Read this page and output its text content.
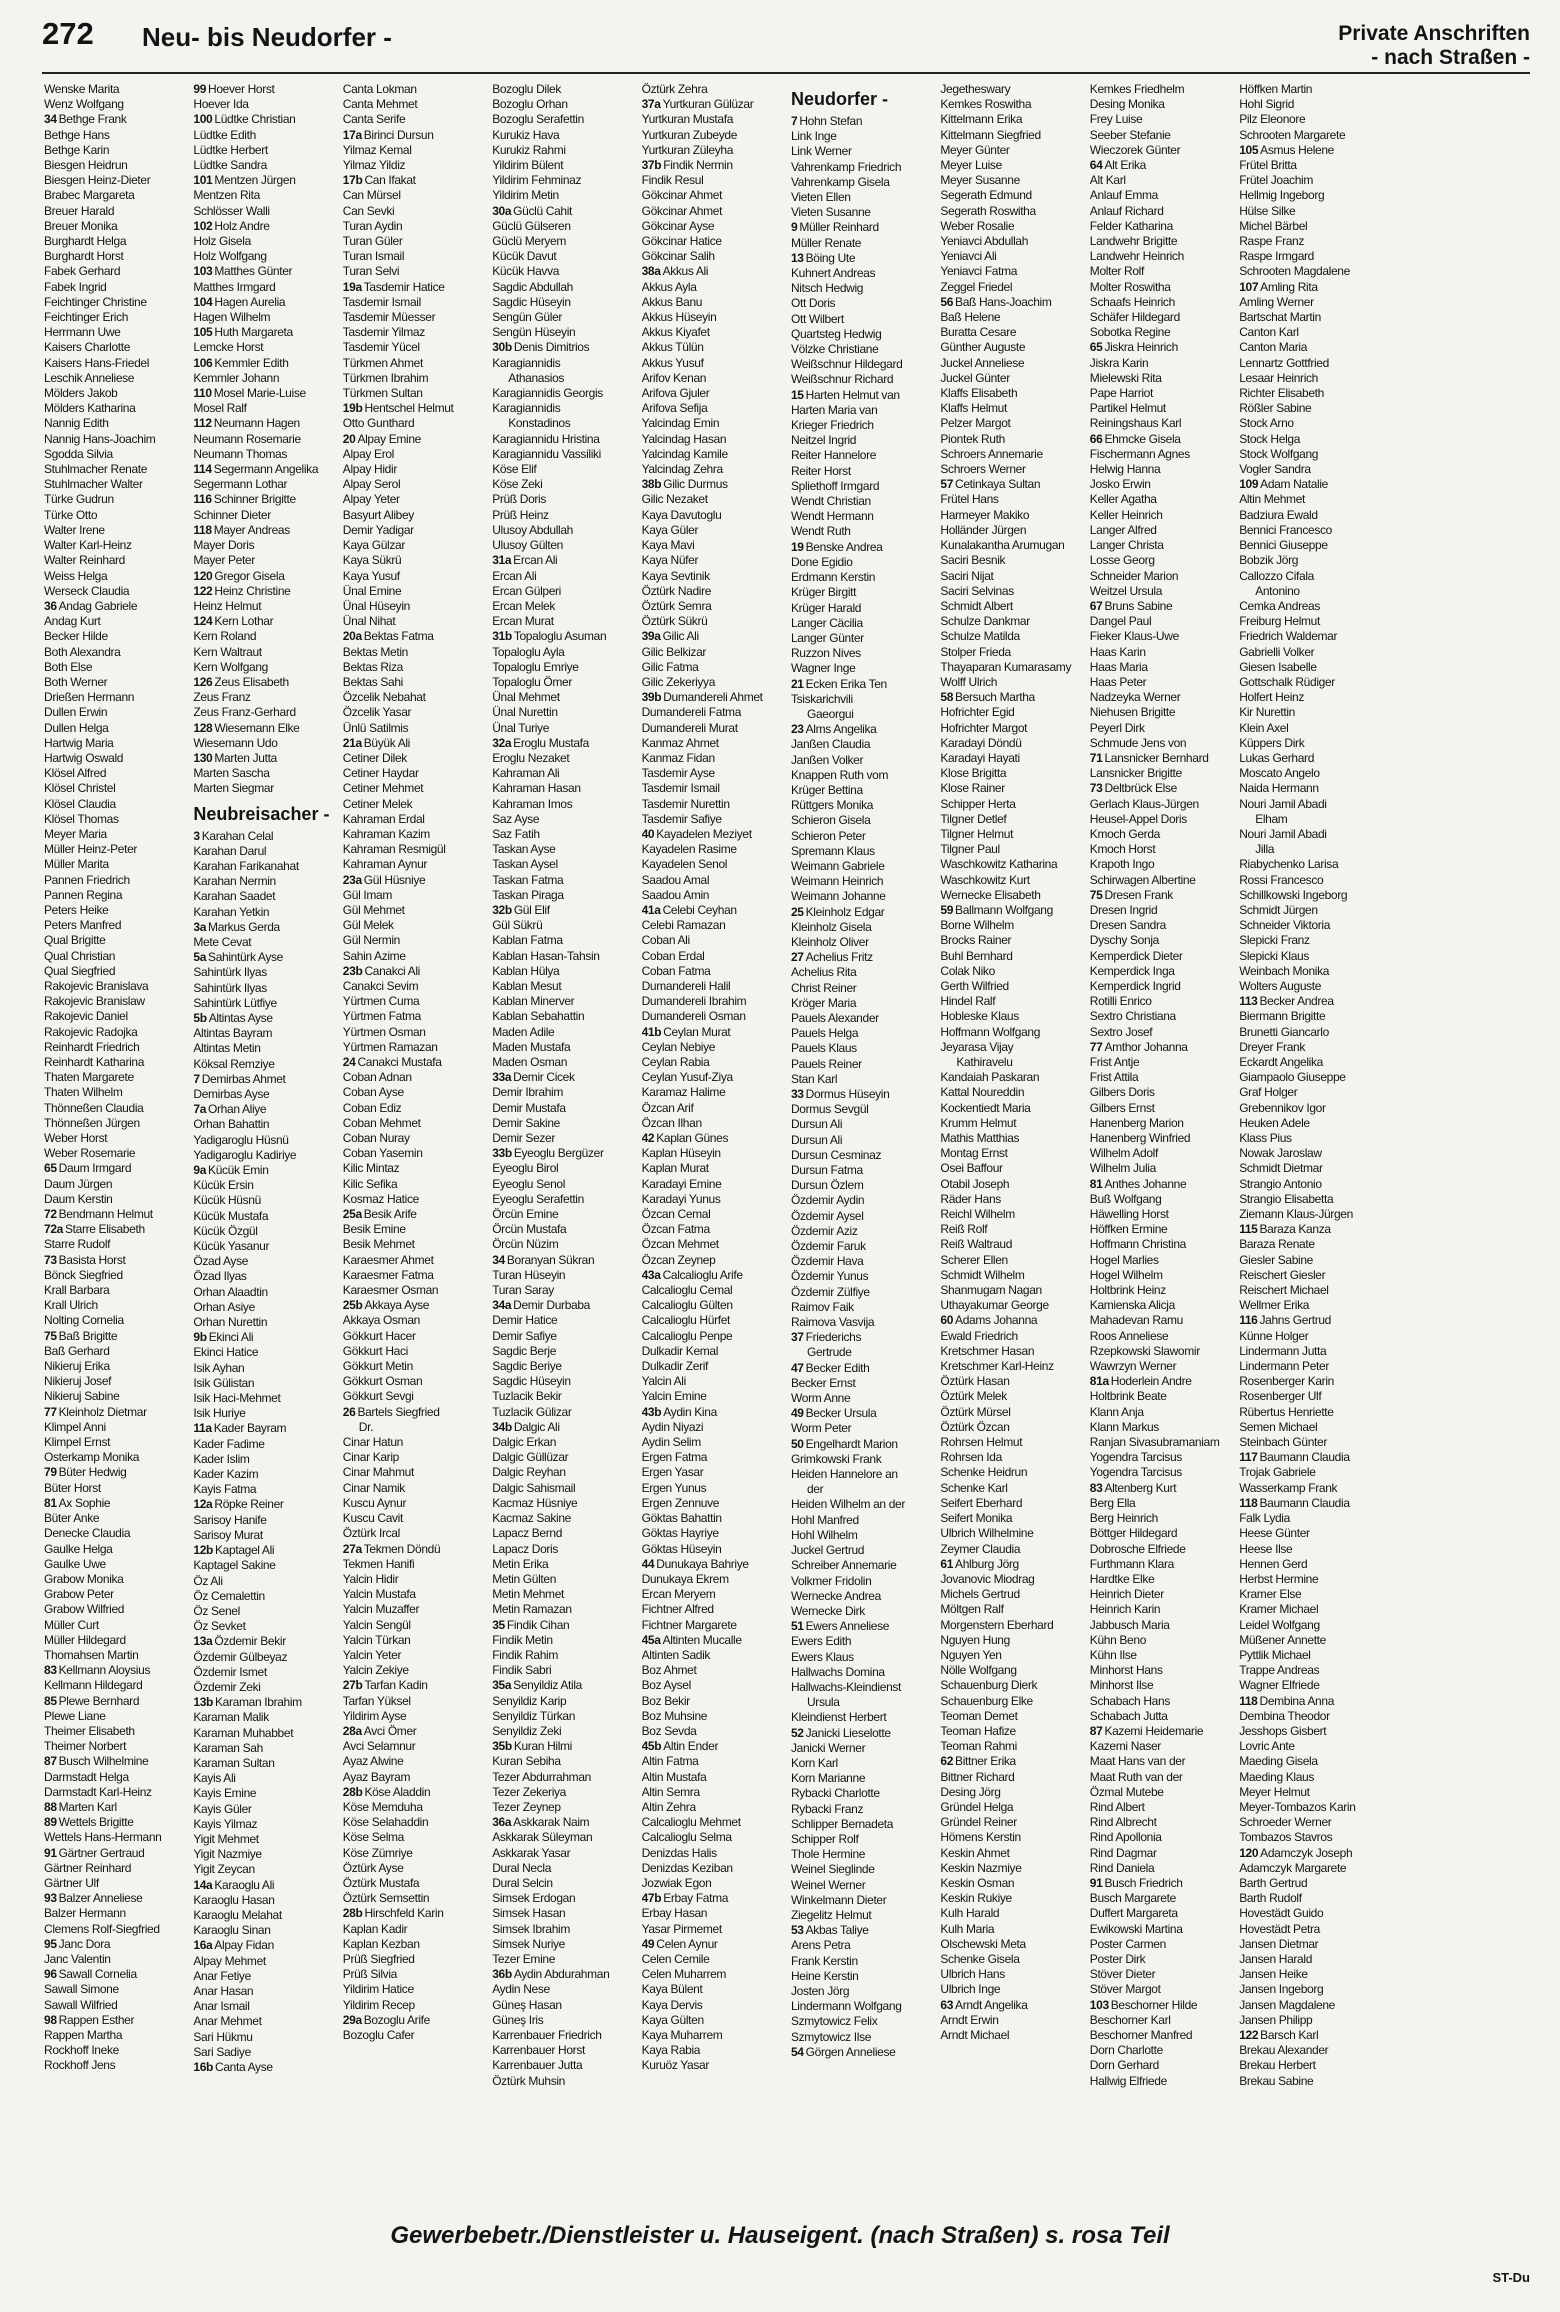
272 Neu- bis Neudorfer -	Private Anschriften
- nach Straßen -
Wenske Marita
Wenz Wolfgang
34 Bethge Frank
Bethge Hans
Bethge Karin
Biesgen Heidrun
Biesgen Heinz-Dieter
Brabec Margareta
Breuer Harald
Breuer Monika
Burghardt Helga
Burghardt Horst
Fabek Gerhard
Fabek Ingrid
Feichtinger Christine
Feichtinger Erich
Herrmann Uwe
Kaisers Charlotte
Kaisers Hans-Friedel
Leschik Anneliese
Mölders Jakob
Mölders Katharina
Nannig Edith
Nannig Hans-Joachim
Sgodda Silvia
Stuhlmacher Renate
Stuhlmacher Walter
Türke Gudrun
Türke Otto
Walter Irene
Walter Karl-Heinz
Walter Reinhard
Weiss Helga
Werseck Claudia
36 Andag Gabriele
Andag Kurt
Becker Hilde
Both Alexandra
Both Else
Both Werner
Drießen Hermann
Dullen Erwin
Dullen Helga
Hartwig Maria
Hartwig Oswald
Klösel Alfred
Klösel Christel
Klösel Claudia
Klösel Thomas
Meyer Maria
Müller Heinz-Peter
Müller Marita
Pannen Friedrich
Pannen Regina
Peters Heike
Peters Manfred
Qual Brigitte
Qual Christian
Qual Siegfried
Rakojevic Branislava
Rakojevic Branislaw
Rakojevic Daniel
Rakojevic Radojka
Reinhardt Friedrich
Reinhardt Katharina
Thaten Margarete
Thaten Wilhelm
Thönneßen Claudia
Thönneßen Jürgen
Weber Horst
Weber Rosemarie
65 Daum Irmgard
Daum Jürgen
Daum Kerstin
72 Bendmann Helmut
72a Starre Elisabeth
Starre Rudolf
73 Basista Horst
Bönck Siegfried
Krall Barbara
Krall Ulrich
Nolting Cornelia
75 Baß Brigitte
Baß Gerhard
Nikieruj Erika
Nikieruj Josef
Nikieruj Sabine
77 Kleinholz Dietmar
Klimpel Anni
Klimpel Ernst
Osterkamp Monika
79 Büter Hedwig
Büter Horst
81 Ax Sophie
Büter Anke
Denecke Claudia
Gaulke Helga
Gaulke Uwe
Grabow Monika
Grabow Peter
Grabow Wilfried
Müller Curt
Müller Hildegard
Thomahsen Martin
83 Kellmann Aloysius
Kellmann Hildegard
85 Plewe Bernhard
Plewe Liane
Theimer Elisabeth
Theimer Norbert
87 Busch Wilhelmine
Darmstadt Helga
Darmstadt Karl-Heinz
88 Marten Karl
89 Wettels Brigitte
Wettels Hans-Hermann
91 Gärtner Gertraud
Gärtner Reinhard
Gärtner Ulf
93 Balzer Anneliese
Balzer Hermann
Clemens Rolf-Siegfried
95 Janc Dora
Janc Valentin
96 Sawall Cornelia
Sawall Simone
Sawall Wilfried
98 Rappen Esther
Rappen Martha
Rockhoff Ineke
Rockhoff Jens
99 Hoever Horst
Hoever Ida
100 Lüdtke Christian
Lüdtke Edith
Lüdtke Herbert
Lüdtke Sandra
101 Mentzen Jürgen
Mentzen Rita
Schlösser Walli
102 Holz Andre
Holz Gisela
Holz Wolfgang
103 Matthes Günter
Matthes Irmgard
104 Hagen Aurelia
Hagen Wilhelm
105 Huth Margareta
Lemcke Horst
106 Kemmler Edith
Kemmler Johann
110 Mosel Marie-Luise
Mosel Ralf
112 Neumann Hagen
Neumann Rosemarie
Neumann Thomas
114 Segermann Angelika
Segermann Lothar
116 Schinner Brigitte
Schinner Dieter
118 Mayer Andreas
Mayer Doris
Mayer Peter
120 Gregor Gisela
122 Heinz Christine
Heinz Helmut
124 Kern Lothar
Kern Roland
Kern Waltraut
Kern Wolfgang
126 Zeus Elisabeth
Zeus Franz
Zeus Franz-Gerhard
128 Wiesemann Elke
Wiesemann Udo
130 Marten Jutta
Marten Sascha
Marten Siegmar
Neubreisacher -
3 Karahan Celal
Karahan Darul
Karahan Farikanahat
Karahan Nermin
Karahan Saadet
Karahan Yetkin
3a Markus Gerda
Mete Cevat
5a Sahintürk Ayse
Sahintürk Ilyas
Sahintürk Ilyas
Sahintürk Lütfiye
5b Altintas Ayse
Altintas Bayram
Altintas Metin
Köksal Remziye
7 Demirbas Ahmet
Demirbas Ayse
7a Orhan Aliye
Orhan Bahattin
Yadigaroglu Hüsnü
Yadigaroglu Kadiriye
9a Kücük Emin
Kücük Ersin
Kücük Hüsnü
Kücük Mustafa
Kücük Özgül
Kücük Yasanur
Özad Ayse
Özad Ilyas
Orhan Alaadtin
Orhan Asiye
Orhan Nurettin
9b Ekinci Ali
Ekinci Hatice
Isik Ayhan
Isik Gülistan
Isik Haci-Mehmet
Isik Huriye
11a Kader Bayram
Kader Fadime
Kader Islim
Kader Kazim
Kayis Fatma
12a Röpke Reiner
Sarisoy Hanife
Sarisoy Murat
12b Kaptagel Ali
Kaptagel Sakine
Öz Ali
Öz Cemalettin
Öz Senel
Öz Sevket
13a Özdemir Bekir
Özdemir Gülbeyaz
Özdemir Ismet
Özdemir Zeki
13b Karaman Ibrahim
Karaman Malik
Karaman Muhabbet
Karaman Sah
Karaman Sultan
Kayis Ali
Kayis Emine
Kayis Güler
Kayis Yilmaz
Yigit Mehmet
Yigit Nazmiye
Yigit Zeycan
14a Karaoglu Ali
Karaoglu Hasan
Karaoglu Melahat
Karaoglu Sinan
16a Alpay Fidan
Alpay Mehmet
Anar Fetiye
Anar Hasan
Anar Ismail
Anar Mehmet
Sari Hükmu
Sari Sadiye
16b Canta Ayse
Canta Lokman
Canta Mehmet
Canta Serife
17a Birinci Dursun
Yilmaz Kemal
Yilmaz Yildiz
17b Can Ifakat
Can Mürsel
Can Sevki
Turan Aydin
Turan Güler
Turan Ismail
Turan Selvi
19a Tasdemir Hatice
Tasdemir Ismail
Tasdemir Müesser
Tasdemir Yilmaz
Tasdemir Yücel
Türkmen Ahmet
Türkmen Ibrahim
Türkmen Sultan
19b Hentschel Helmut
Otto Gunthard
20 Alpay Emine
Alpay Erol
Alpay Hidir
Alpay Serol
Alpay Yeter
Basyurt Alibey
Demir Yadigar
Kaya Gülzar
Kaya Sükrü
Kaya Yusuf
Ünal Emine
Ünal Hüseyin
Ünal Nihat
20a Bektas Fatma
Bektas Metin
Bektas Riza
Bektas Sahi
Özcelik Nebahat
Özcelik Yasar
Ünlü Satilmis
21a Büyük Ali
Cetiner Dilek
Cetiner Haydar
Cetiner Mehmet
Cetiner Melek
Kahraman Erdal
Kahraman Kazim
Kahraman Resmigül
Kahraman Aynur
23a Gül Hüsniye
Gül Imam
Gül Mehmet
Gül Melek
Gül Nermin
Sahin Azime
23b Canakci Ali
Canakci Sevim
Yürtmen Cuma
Yürtmen Fatma
Yürtmen Osman
Yürtmen Ramazan
24 Canakci Mustafa
Coban Adnan
Coban Ayse
Coban Ediz
Coban Mehmet
Coban Nuray
Coban Yasemin
Kilic Mintaz
Kilic Sefika
Kosmaz Hatice
25a Besik Arife
Besik Emine
Besik Mehmet
Karaesmer Ahmet
Karaesmer Fatma
Karaesmer Osman
25b Akkaya Ayse
Akkaya Osman
Gökkurt Hacer
Gökkurt Haci
Gökkurt Metin
Gökkurt Osman
Gökkurt Sevgi
26 Bartels Siegfried
Dr.
Cinar Hatun
Cinar Karip
Cinar Mahmut
Cinar Namik
Kuscu Aynur
Kuscu Cavit
Öztürk Ircal
27a Tekmen Döndü
Tekmen Hanifi
Yalcin Hidir
Yalcin Mustafa
Yalcin Muzaffer
Yalcin Sengül
Yalcin Türkan
Yalcin Yeter
Yalcin Zekiye
27b Tarfan Kadin
Tarfan Yüksel
Yildirim Ayse
28a Avci Ömer
Avci Selamnur
Ayaz Alwine
Ayaz Bayram
28b Köse Aladdin
Köse Memduha
Köse Selahaddin
Köse Selma
Köse Zümriye
Öztürk Ayse
Öztürk Mustafa
Öztürk Semsettin
28b Hirschfeld Karin
Kaplan Kadir
Kaplan Kezban
Prüß Siegfried
Prüß Silvia
Yildirim Hatice
Yildirim Recep
29a Bozoglu Arife
Bozoglu Cafer
Bozoglu Dilek
Bozoglu Orhan
Bozoglu Serafettin
Kurukiz Hava
Kurukiz Rahmi
Yildirim Bülent
Yildirim Fehminaz
Yildirim Metin
30a Güclü Cahit
Güclü Gülseren
Güclü Meryem
Kücük Davut
Kücük Havva
Sagdic Abdullah
Sagdic Hüseyin
Sengün Güler
Sengün Hüseyin
30b Denis Dimitrios
Karagiannidis
Athanasios
Karagiannidis Georgis
Karagiannidis
Konstadinos
Karagiannidu Hristina
Karagiannidu Vassiliki
Köse Elif
Köse Zeki
Prüß Doris
Prüß Heinz
Ulusoy Abdullah
Ulusoy Gülten
31a Ercan Ali
Ercan Ali
Ercan Gülperi
Ercan Melek
Ercan Murat
31b Topaloglu Asuman
Topaloglu Ayla
Topaloglu Emriye
Topaloglu Ömer
Ünal Mehmet
Ünal Nurettin
Ünal Turiye
32a Eroglu Mustafa
Eroglu Nezaket
Kahraman Ali
Kahraman Hasan
Kahraman Imos
Saz Ayse
Saz Fatih
Taskan Ayse
Taskan Aysel
Taskan Fatma
Taskan Piraga
32b Gül Elif
Gül Sükrü
Kablan Fatma
Kablan Hasan-Tahsin
Kablan Hülya
Kablan Mesut
Kablan Minerver
Kablan Sebahattin
Maden Adile
Maden Mustafa
Maden Osman
33a Demir Cicek
Demir Ibrahim
Demir Mustafa
Demir Sakine
Demir Sezer
33b Eyeoglu Bergüzer
Eyeoglu Birol
Eyeoglu Senol
Eyeoglu Serafettin
Örcün Emine
Örcün Mustafa
Örcün Nüzim
34 Boranyan Sükran
Turan Hüseyin
Turan Saray
34a Demir Durbaba
Demir Hatice
Demir Safiye
Sagdic Berje
Sagdic Beriye
Sagdic Hüseyin
Tuzlacik Bekir
Tuzlacik Gülizar
34b Dalgic Ali
Dalgic Erkan
Dalgic Güllüzar
Dalgic Reyhan
Dalgic Sahismail
Kacmaz Hüsniye
Kacmaz Sakine
Lapacz Bernd
Lapacz Doris
Metin Erika
Metin Gülten
Metin Mehmet
Metin Ramazan
35 Findik Cihan
Findik Metin
Findik Rahim
Findik Sabri
35a Senyildiz Atila
Senyildiz Karip
Senyildiz Türkan
Senyildiz Zeki
35b Kuran Hilmi
Kuran Sebiha
Tezer Abdurrahman
Tezer Zekeriya
Tezer Zeynep
36a Askkarak Naim
Askkarak Süleyman
Askkarak Yasar
Dural Necla
Dural Selcin
Simsek Erdogan
Simsek Hasan
Simsek Ibrahim
Simsek Nuriye
Tezer Emine
36b Aydin Abdurahman
Aydin Nese
Güneş Hasan
Güneş Iris
Karrenbauer Friedrich
Karrenbauer Horst
Karrenbauer Jutta
Öztürk Muhsin
Öztürk Zehra
37a Yurtkuran Gülüzar
Yurtkuran Mustafa
Yurtkuran Zubeyde
Yurtkuran Züleyha
37b Findik Nermin
Findik Resul
Gökcinar Ahmet
Gökcinar Ahmet
Gökcinar Ayse
Gökcinar Hatice
Gökcinar Salih
38a Akkus Ali
Akkus Ayla
Akkus Banu
Akkus Hüseyin
Akkus Kiyafet
Akkus Tülün
Akkus Yusuf
Arifov Kenan
Arifova Gjuler
Arifova Sefija
Yalcindag Emin
Yalcindag Hasan
Yalcindag Kamile
Yalcindag Zehra
38b Gilic Durmus
Gilic Nezaket
Kaya Davutoglu
Kaya Güler
Kaya Mavi
Kaya Nüfer
Kaya Sevtinik
Öztürk Nadire
Öztürk Semra
Öztürk Sükrü
39a Gilic Ali
Gilic Belkizar
Gilic Fatma
Gilic Zekeriyya
39b Dumandereli Ahmet
Dumandereli Fatma
Dumandereli Murat
Kanmaz Ahmet
Kanmaz Fidan
Tasdemir Ayse
Tasdemir Ismail
Tasdemir Nurettin
Tasdemir Safiye
40 Kayadelen Meziyet
Kayadelen Rasime
Kayadelen Senol
Saadou Amal
Saadou Amin
41a Celebi Ceyhan
Celebi Ramazan
Coban Ali
Coban Erdal
Coban Fatma
Dumandereli Halil
Dumandereli Ibrahim
Dumandereli Osman
41b Ceylan Murat
Ceylan Nebiye
Ceylan Rabia
Ceylan Yusuf-Ziya
Karamaz Halime
Özcan Arif
Özcan Ilhan
42 Kaplan Günes
Kaplan Hüseyin
Kaplan Murat
Karadayi Emine
Karadayi Yunus
Özcan Cemal
Özcan Fatma
Özcan Mehmet
Özcan Zeynep
43a Calcalioglu Arife
Calcalioglu Cemal
Calcalioglu Gülten
Calcalioglu Hürfet
Calcalioglu Penpe
Dulkadir Kemal
Dulkadir Zerif
Yalcin Ali
Yalcin Emine
43b Aydin Kina
Aydin Niyazi
Aydin Selim
Ergen Fatma
Ergen Yasar
Ergen Yunus
Ergen Zennuve
Göktas Bahattin
Göktas Hayriye
Göktas Hüseyin
44 Dunukaya Bahriye
Dunukaya Ekrem
Ercan Meryem
Fichtner Alfred
Fichtner Margarete
45a Altinten Mucalle
Altinten Sadik
Boz Ahmet
Boz Aysel
Boz Bekir
Boz Muhsine
Boz Sevda
45b Altin Ender
Altin Fatma
Altin Mustafa
Altin Semra
Altin Zehra
Calcalioglu Mehmet
Calcalioglu Selma
Denizdas Halis
Denizdas Keziban
Jozwiak Egon
47b Erbay Fatma
Erbay Hasan
Yasar Pirmemet
49 Celen Aynur
Celen Cemile
Celen Muharrem
Kaya Bülent
Kaya Dervis
Kaya Gülten
Kaya Muharrem
Kaya Rabia
Kuruöz Yasar
Neudorfer -
7 Hohn Stefan
Link Inge
Link Werner
Vahrenkamp Friedrich
Vahrenkamp Gisela
Vieten Ellen
Vieten Susanne
9 Müller Reinhard
Müller Renate
13 Böing Ute
Kuhnert Andreas
Nitsch Hedwig
Ott Doris
Ott Wilbert
Quartsteg Hedwig
Völzke Christiane
Weißschnur Hildegard
Weißschnur Richard
15 Harten Helmut van
Harten Maria van
Krieger Friedrich
Neitzel Ingrid
Reiter Hannelore
Reiter Horst
Spliethoff Irmgard
Wendt Christian
Wendt Hermann
Wendt Ruth
19 Benske Andrea
Done Egidio
Erdmann Kerstin
Krüger Birgitt
Krüger Harald
Langer Cäcilia
Langer Günter
Ruzzon Nives
Wagner Inge
21 Ecken Erika Ten
Tsiskarichvili
Gaeorgui
23 Alms Angelika
Janßen Claudia
Janßen Volker
Knappen Ruth vom
Krüger Bettina
Rüttgers Monika
Schieron Gisela
Schieron Peter
Spremann Klaus
Weimann Gabriele
Weimann Heinrich
Weimann Johanne
25 Kleinholz Edgar
Kleinholz Gisela
Kleinholz Oliver
27 Achelius Fritz
Achelius Rita
Christ Reiner
Kröger Maria
Pauels Alexander
Pauels Helga
Pauels Klaus
Pauels Reiner
Stan Karl
33 Dormus Hüseyin
Dormus Sevgül
Dursun Ali
Dursun Ali
Dursun Cesminaz
Dursun Fatma
Dursun Özlem
Özdemir Aydin
Özdemir Aysel
Özdemir Aziz
Özdemir Faruk
Özdemir Hava
Özdemir Yunus
Özdemir Zülfiye
Raimov Faik
Raimova Vasvija
37 Friederichs
Gertrude
47 Becker Edith
Becker Ernst
Worm Anne
49 Becker Ursula
Worm Peter
50 Engelhardt Marion
Grimkowski Frank
Heiden Hannelore an
der
Heiden Wilhelm an der
Hohl Manfred
Hohl Wilhelm
Juckel Gertrud
Schreiber Annemarie
Volkmer Fridolin
Wernecke Andrea
Wernecke Dirk
51 Ewers Anneliese
Ewers Edith
Ewers Klaus
Hallwachs Domina
Hallwachs-Kleindienst
Ursula
Kleindienst Herbert
52 Janicki Lieselotte
Janicki Werner
Korn Karl
Korn Marianne
Rybacki Charlotte
Rybacki Franz
Schlipper Bernadeta
Schipper Rolf
Thole Hermine
Weinel Sieglinde
Weinel Werner
Winkelmann Dieter
Ziegelitz Helmut
53 Akbas Taliye
Arens Petra
Frank Kerstin
Heine Kerstin
Josten Jörg
Lindermann Wolfgang
Szmytowicz Felix
Szmytowicz Ilse
54 Görgen Anneliese
Jegetheswary
Kemkes Roswitha
Kittelmann Erika
Kittelmann Siegfried
Meyer Günter
Meyer Luise
Meyer Susanne
Segerath Edmund
Segerath Roswitha
Weber Rosalie
Yeniavci Abdullah
Yeniavci Ali
Yeniavci Fatma
Zeggel Friedel
56 Baß Hans-Joachim
Baß Helene
Buratta Cesare
Günther Auguste
Juckel Anneliese
Juckel Günter
Klaffs Elisabeth
Klaffs Helmut
Pelzer Margot
Piontek Ruth
Schroers Annemarie
Schroers Werner
57 Cetinkaya Sultan
Frütel Hans
Harmeyer Makiko
Holländer Jürgen
Kunalakantha Arumugan
Saciri Besnik
Saciri Nijat
Saciri Selvinas
Schmidt Albert
Schulze Dankmar
Schulze Matilda
Stolper Frieda
Thayaparan Kumarasamy
Wolff Ulrich
58 Bersuch Martha
Hofrichter Egid
Hofrichter Margot
Karadayi Döndü
Karadayi Hayati
Klose Brigitta
Klose Rainer
Schipper Herta
Tilgner Detlef
Tilgner Helmut
Tilgner Paul
Waschkowitz Katharina
Waschkowitz Kurt
Wernecke Elisabeth
59 Ballmann Wolfgang
Borne Wilhelm
Brocks Rainer
Buhl Bernhard
Colak Niko
Gerth Wilfried
Hindel Ralf
Hobleske Klaus
Hoffmann Wolfgang
Jeyarasa Vijay
Kathiravelu
Kandaiah Paskaran
Kattal Noureddin
Kockentiedt Maria
Krumm Helmut
Mathis Matthias
Montag Ernst
Osei Baffour
Otabil Joseph
Räder Hans
Reichl Wilhelm
Reiß Rolf
Reiß Waltraud
Scherer Ellen
Schmidt Wilhelm
Shanmugam Nagan
Uthayakumar George
60 Adams Johanna
Ewald Friedrich
Kretschmer Hasan
Kretschmer Karl-Heinz
Öztürk Hasan
Öztürk Melek
Öztürk Mürsel
Öztürk Özcan
Rohrsen Helmut
Rohrsen Ida
Schenke Heidrun
Schenke Karl
Seifert Eberhard
Seifert Monika
Ulbrich Wilhelmine
Zeymer Claudia
61 Ahlburg Jörg
Jovanovic Miodrag
Michels Gertrud
Möltgen Ralf
Morgenstern Eberhard
Nguyen Hung
Nguyen Yen
Nölle Wolfgang
Schauenburg Dierk
Schauenburg Elke
Teoman Demet
Teoman Hafize
Teoman Rahmi
62 Bittner Erika
Bittner Richard
Desing Jörg
Gründel Helga
Gründel Reiner
Hömens Kerstin
Keskin Ahmet
Keskin Nazmiye
Keskin Osman
Keskin Rukiye
Kulh Harald
Kulh Maria
Olschewski Meta
Schenke Gisela
Ulbrich Hans
Ulbrich Inge
63 Arndt Angelika
Arndt Erwin
Arndt Michael
Kemkes Friedhelm
Desing Monika
Frey Luise
Seeber Stefanie
Wieczorek Günter
64 Alt Erika
Alt Karl
Anlauf Emma
Anlauf Richard
Felder Katharina
Landwehr Brigitte
Landwehr Heinrich
Molter Rolf
Molter Roswitha
Schaafs Heinrich
Schäfer Hildegard
Sobotka Regine
65 Jiskra Heinrich
Jiskra Karin
Mielewski Rita
Pape Harriot
Partikel Helmut
Reiningshaus Karl
66 Ehmcke Gisela
Fischermann Agnes
Helwig Hanna
Josko Erwin
Keller Agatha
Keller Heinrich
Langer Alfred
Langer Christa
Losse Georg
Schneider Marion
Weitzel Ursula
67 Bruns Sabine
Dangel Paul
Fieker Klaus-Uwe
Haas Karin
Haas Maria
Haas Peter
Nadzeyka Werner
Niehusen Brigitte
Peyerl Dirk
Schmude Jens von
71 Lansnicker Bernhard
Lansnicker Brigitte
73 Deltbrück Else
Gerlach Klaus-Jürgen
Heusel-Appel Doris
Kmoch Gerda
Kmoch Horst
Krapoth Ingo
Schirwagen Albertine
75 Dresen Frank
Dresen Ingrid
Dresen Sandra
Dyschy Sonja
Kemperdick Dieter
Kemperdick Inga
Kemperdick Ingrid
Rotilli Enrico
Sextro Christiana
Sextro Josef
77 Amthor Johanna
Frist Antje
Frist Attila
Gilbers Doris
Gilbers Ernst
Hanenberg Marion
Hanenberg Winfried
Wilhelm Adolf
Wilhelm Julia
81 Anthes Johanne
Buß Wolfgang
Häwelling Horst
Höffken Ermine
Hoffmann Christina
Hogel Marlies
Hogel Wilhelm
Holtbrink Heinz
Kamienska Alicja
Mahadevan Ramu
Roos Anneliese
Rzepkowski Slawomir
Wawrzyn Werner
81a Hoderlein Andre
Holtbrink Beate
Klann Anja
Klann Markus
Ranjan Sivasubramaniam
Yogendra Tarcisus
Yogendra Tarcisus
83 Altenberg Kurt
Berg Ella
Berg Heinrich
Böttger Hildegard
Dobrosche Elfriede
Furthmann Klara
Hardtke Elke
Heinrich Dieter
Heinrich Karin
Jabbusch Maria
Kühn Beno
Kühn Ilse
Minhorst Hans
Minhorst Ilse
Schabach Hans
Schabach Jutta
87 Kazemi Heidemarie
Kazemi Naser
Maat Hans van der
Maat Ruth van der
Özmal Mutebe
Rind Albert
Rind Albrecht
Rind Apollonia
Rind Dagmar
Rind Daniela
91 Busch Friedrich
Busch Margarete
Duffert Margareta
Ewikowski Martina
Poster Carmen
Poster Dirk
Stöver Dieter
Stöver Margot
103 Beschorner Hilde
Beschorner Karl
Beschorner Manfred
Dorn Charlotte
Dorn Gerhard
Hallwig Elfriede
Höffken Martin
Hohl Sigrid
Pilz Eleonore
Schrooten Margarete
105 Asmus Helene
Frütel Britta
Frütel Joachim
Hellmig Ingeborg
Hülse Silke
Michel Bärbel
Raspe Franz
Raspe Irmgard
Schrooten Magdalene
107 Amling Rita
Amling Werner
Bartschat Martin
Canton Karl
Canton Maria
Lennartz Gottfried
Lesaar Heinrich
Richter Elisabeth
Rößler Sabine
Stock Arno
Stock Helga
Stock Wolfgang
Vogler Sandra
109 Adam Natalie
Altin Mehmet
Badziura Ewald
Bennici Francesco
Bennici Giuseppe
Bobzik Jörg
Callozzo Cifala
Antonino
Cemka Andreas
Freiburg Helmut
Friedrich Waldemar
Gabrielli Volker
Giesen Isabelle
Gottschalk Rüdiger
Holfert Heinz
Kir Nurettin
Klein Axel
Küppers Dirk
Lukas Gerhard
Moscato Angelo
Naida Hermann
Nouri Jamil Abadi
Elham
Nouri Jamil Abadi
Jilla
Riabychenko Larisa
Rossi Francesco
Schillkowski Ingeborg
Schmidt Jürgen
Schneider Viktoria
Slepicki Franz
Slepicki Klaus
Weinbach Monika
Wolters Auguste
113 Becker Andrea
Biermann Brigitte
Brunetti Giancarlo
Dreyer Frank
Eckardt Angelika
Giampaolo Giuseppe
Graf Holger
Grebennikov Igor
Heuken Adele
Klass Pius
Nowak Jaroslaw
Schmidt Dietmar
Strangio Antonio
Strangio Elisabetta
Ziemann Klaus-Jürgen
115 Baraza Kanza
Baraza Renate
Giesler Sabine
Reischert Giesler
Reischert Michael
Wellmer Erika
116 Jahns Gertrud
Künne Holger
Lindermann Jutta
Lindermann Peter
Rosenberger Karin
Rosenberger Ulf
Rübertus Henriette
Semen Michael
Steinbach Günter
117 Baumann Claudia
Trojak Gabriele
Wasserkamp Frank
118 Baumann Claudia
Falk Lydia
Heese Günter
Heese Ilse
Hennen Gerd
Herbst Hermine
Kramer Else
Kramer Michael
Leidel Wolfgang
Müßener Annette
Pyttlik Michael
Trappe Andreas
Wagner Elfriede
118 Dembina Anna
Dembina Theodor
Jesshops Gisbert
Lovric Ante
Maeding Gisela
Maeding Klaus
Meyer Helmut
Meyer-Tombazos Karin
Schroeder Werner
Tombazos Stavros
120 Adamczyk Joseph
Adamczyk Margarete
Barth Gertrud
Barth Rudolf
Hovestädt Guido
Hovestädt Petra
Jansen Dietmar
Jansen Harald
Jansen Heike
Jansen Ingeborg
Jansen Magdalene
Jansen Philipp
122 Barsch Karl
Brekau Alexander
Brekau Herbert
Brekau Sabine
Gewerbebetr./Dienstleister u. Hauseigent. (nach Straßen) s. rosa Teil
ST-Du
